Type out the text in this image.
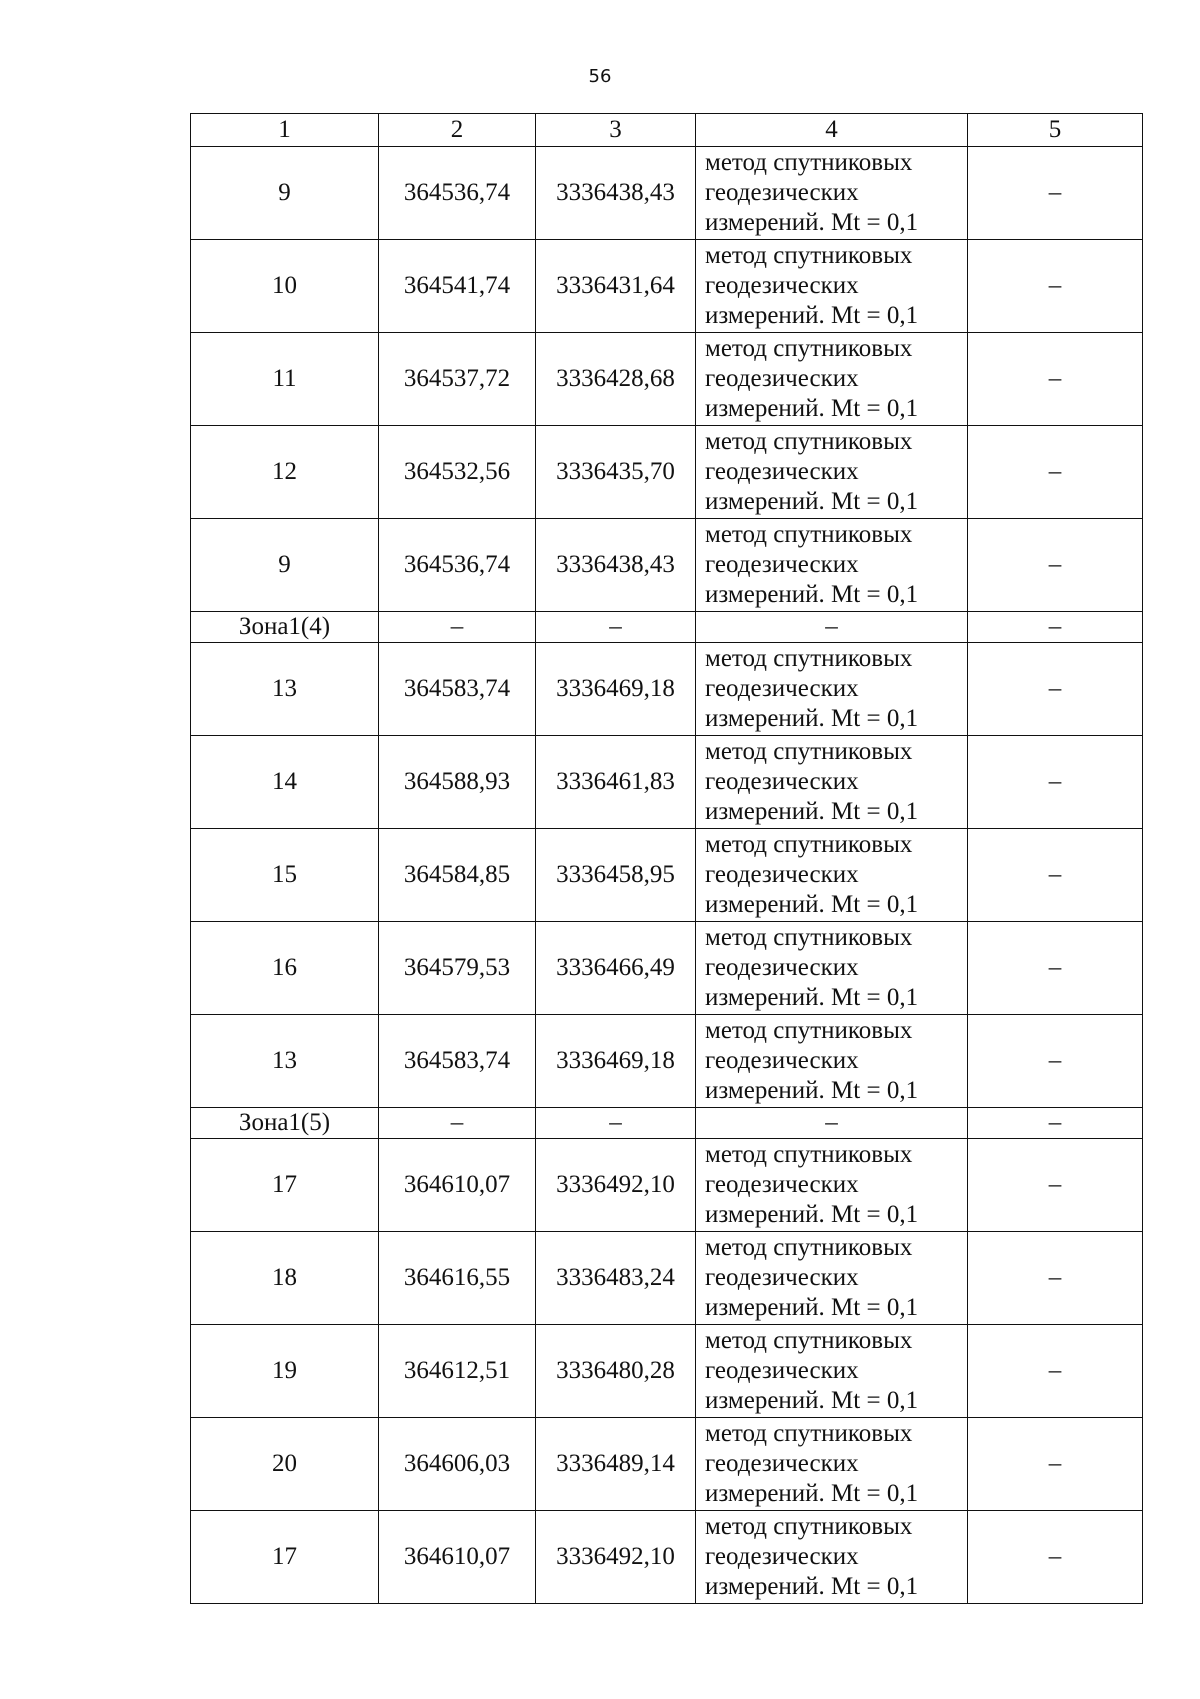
56
1	2	3	4	5
9	364536,74	3336438,43	метод спутниковых
геодезических
измерений. Mt = 0,1	–
10	364541,74	3336431,64	метод спутниковых
геодезических
измерений. Mt = 0,1	–
11	364537,72	3336428,68	метод спутниковых
геодезических
измерений. Mt = 0,1	–
12	364532,56	3336435,70	метод спутниковых
геодезических
измерений. Mt = 0,1	–
9	364536,74	3336438,43	метод спутниковых
геодезических
измерений. Mt = 0,1	–
Зона1(4)	–	–	–	–
13	364583,74	3336469,18	метод спутниковых
геодезических
измерений. Mt = 0,1	–
14	364588,93	3336461,83	метод спутниковых
геодезических
измерений. Mt = 0,1	–
15	364584,85	3336458,95	метод спутниковых
геодезических
измерений. Mt = 0,1	–
16	364579,53	3336466,49	метод спутниковых
геодезических
измерений. Mt = 0,1	–
13	364583,74	3336469,18	метод спутниковых
геодезических
измерений. Mt = 0,1	–
Зона1(5)	–	–	–	–
17	364610,07	3336492,10	метод спутниковых
геодезических
измерений. Mt = 0,1	–
18	364616,55	3336483,24	метод спутниковых
геодезических
измерений. Mt = 0,1	–
19	364612,51	3336480,28	метод спутниковых
геодезических
измерений. Mt = 0,1	–
20	364606,03	3336489,14	метод спутниковых
геодезических
измерений. Mt = 0,1	–
17	364610,07	3336492,10	метод спутниковых
геодезических
измерений. Mt = 0,1	–
